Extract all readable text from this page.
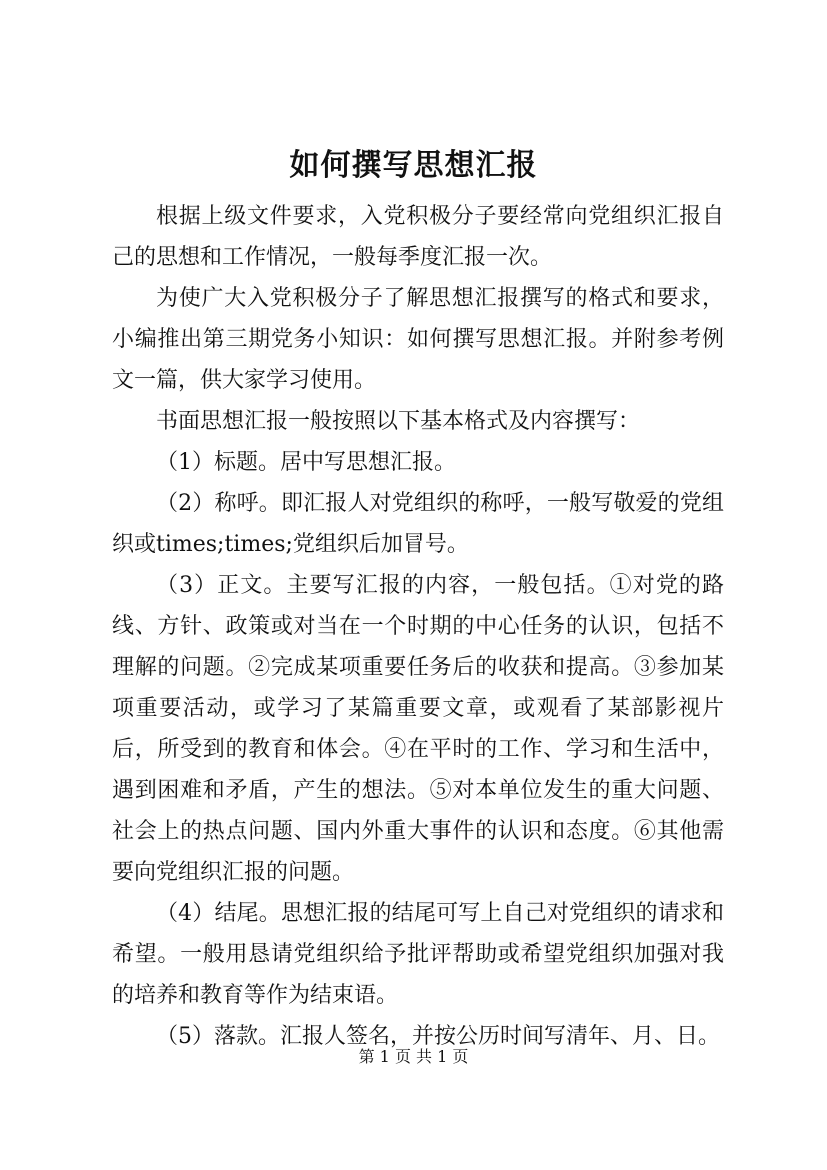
如何撰写思想汇报

根据上级文件要求，入党积极分子要经常向党组织汇报自己的思想和工作情况，一般每季度汇报一次。

为使广大入党积极分子了解思想汇报撰写的格式和要求，小编推出第三期党务小知识：如何撰写思想汇报。并附参考例文一篇，供大家学习使用。

书面思想汇报一般按照以下基本格式及内容撰写：

（1）标题。居中写思想汇报。

（2）称呼。即汇报人对党组织的称呼，一般写敬爱的党组织或times;times;党组织后加冒号。

（3）正文。主要写汇报的内容，一般包括。①对党的路线、方针、政策或对当在一个时期的中心任务的认识，包括不理解的问题。②完成某项重要任务后的收获和提高。③参加某项重要活动，或学习了某篇重要文章，或观看了某部影视片后，所受到的教育和体会。④在平时的工作、学习和生活中，遇到困难和矛盾，产生的想法。⑤对本单位发生的重大问题、社会上的热点问题、国内外重大事件的认识和态度。⑥其他需要向党组织汇报的问题。

（4）结尾。思想汇报的结尾可写上自己对党组织的请求和希望。一般用恳请党组织给予批评帮助或希望党组织加强对我的培养和教育等作为结束语。

（5）落款。汇报人签名，并按公历时间写清年、月、日。

第 1 页 共 1 页
